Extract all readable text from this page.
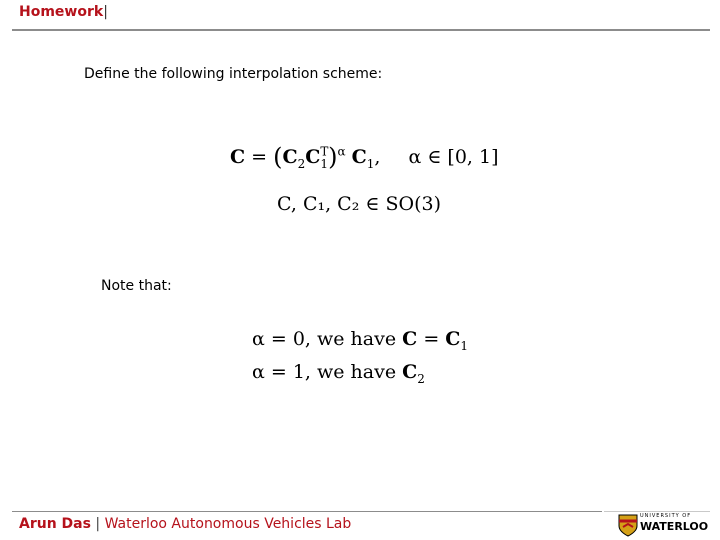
Homework|
Define the following interpolation scheme:
$C = (C_2C^T_1)^\alpha$ $C_1$, α ∈ [0, 1]
C, C₁, C₂ ∈ SO(3)
Note that:
α = 0, we have $C = C_1$
α = 1, we have $C_2$
Arun Das | Waterloo Autonomous Vehicles Lab	UNIVERSITY OF
WATERLOO
